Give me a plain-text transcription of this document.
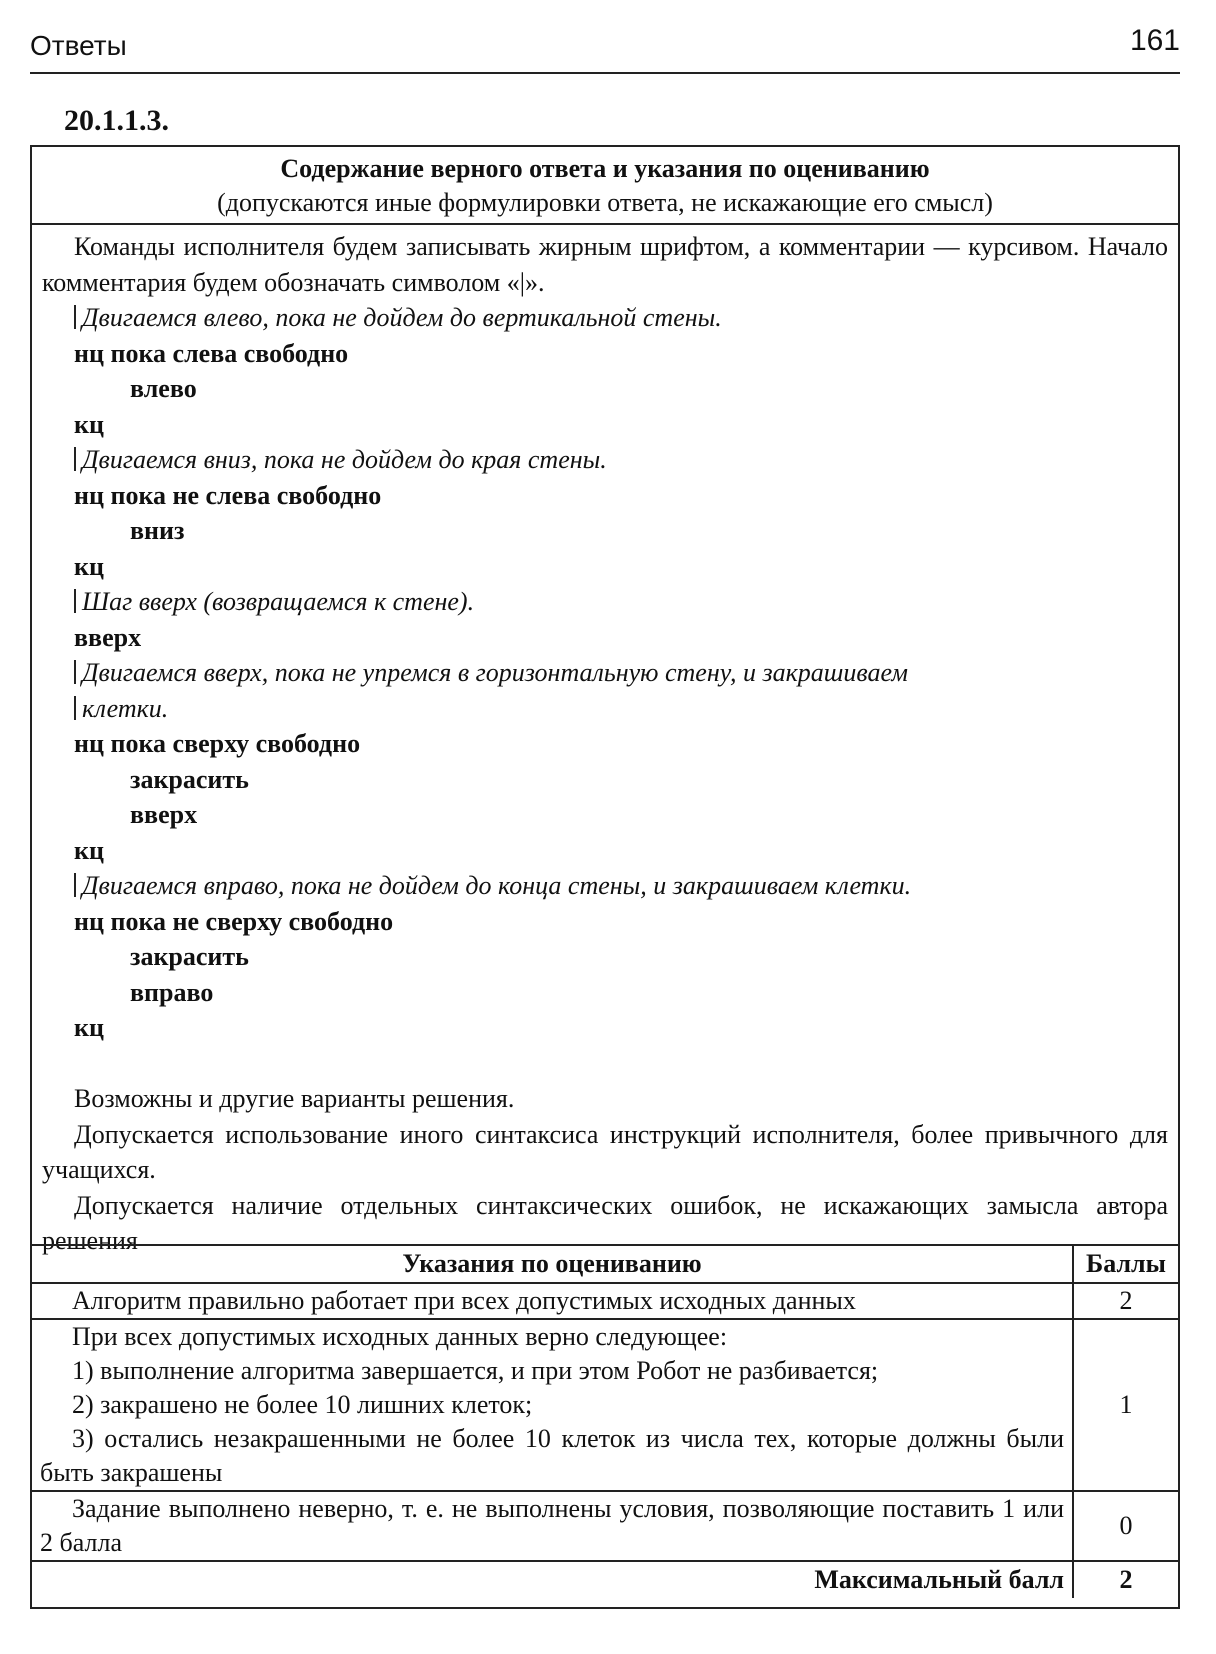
Ответы	161
20.1.1.3.
Содержание верного ответа и указания по оцениванию
(допускаются иные формулировки ответа, не искажающие его смысл)
Команды исполнителя будем записывать жирным шрифтом, а комментарии — курсивом. Начало комментария будем обозначать символом «|».
Двигаемся влево, пока не дойдем до вертикальной стены.
нц пока слева свободно
влево
кц
Двигаемся вниз, пока не дойдем до края стены.
нц пока не слева свободно
вниз
кц
Шаг вверх (возвращаемся к стене).
вверх
Двигаемся вверх, пока не упремся в горизонтальную стену, и закрашиваем
клетки.
нц пока сверху свободно
закрасить
вверх
кц
Двигаемся вправо, пока не дойдем до конца стены, и закрашиваем клетки.
нц пока не сверху свободно
закрасить
вправо
кц
Возможны и другие варианты решения.
Допускается использование иного синтаксиса инструкций исполнителя, более привычного для учащихся.
Допускается наличие отдельных синтаксических ошибок, не искажающих замысла автора решения
Указания по оцениванию	Баллы
Алгоритм правильно работает при всех допустимых исходных данных	2

При всех допустимых исходных данных верно следующее:
1) выполнение алгоритма завершается, и при этом Робот не разбивается;
2) закрашено не более 10 лишних клеток;
3) остались незакрашенными не более 10 клеток из числа тех, которые должны были быть закрашены	1
Задание выполнено неверно, т. е. не выполнены условия, позволяющие поставить 1 или 2 балла	0
Максимальный балл	2
